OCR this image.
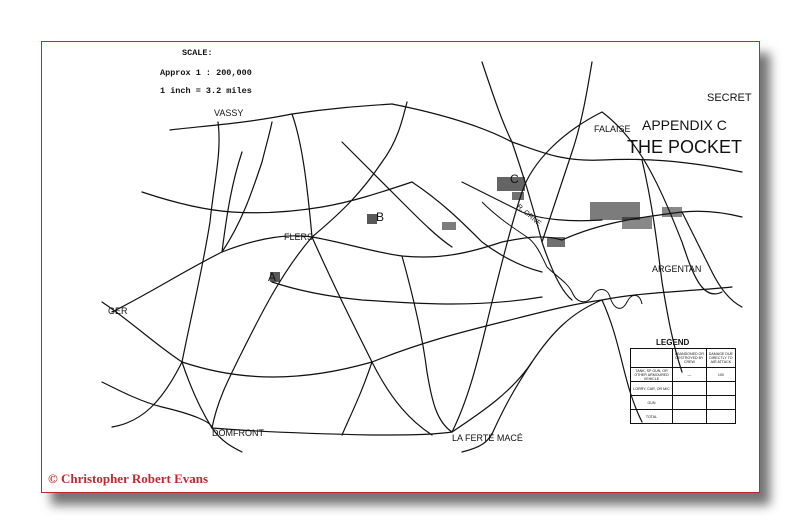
SCALE:
Approx 1 : 200,000
1 inch = 3.2 miles
SECRET
APPENDIX C
THE POCKET
VASSY
FALAISE
FLERS
ARGENTAN
GER
DOMFRONT	LA FERTÉ MACÉ
R. ORNE
A
B
C
LEGEND
	ABANDONED OR DESTROYED BY CREW	DAMAGE DUE DIRECTLY TO AIR ATTACK
TANK, SP GUN, OR OTHER ARMOURED VEHICLE	—	100
LORRY, CAR, OR M/C		
GUN		
TOTAL		
© Christopher Robert Evans
